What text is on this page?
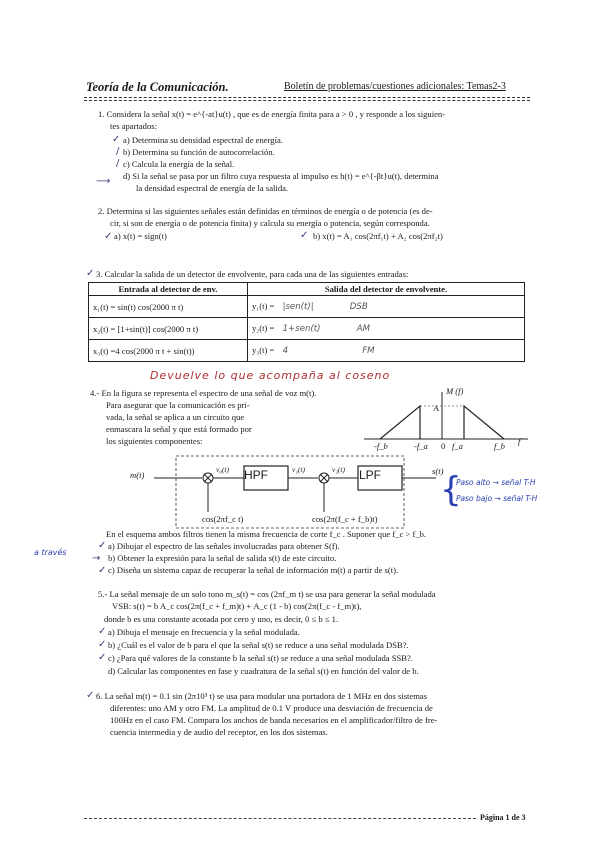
Teoría de la Comunicación.	Boletín de problemas/cuestiones adicionales: Temas2-3
1. Considera la señal x(t) = e^{-at}u(t) , que es de energía finita para a > 0 , y responde a los siguien-
tes apartados:
✓ a) Determina su densidad espectral de energía.
/ b) Determina su función de autocorrelación.
/ c) Calcula la energía de la señal.
⟶ d) Si la señal se pasa por un filtro cuya respuesta al impulso es h(t) = e^{-βt}u(t), determina
la densidad espectral de energía de la salida.
2. Determina si las siguientes señales están definidas en términos de energía o de potencia (es de-
cir, si son de energía o de potencia finita) y calcula su energía o potencia, según corresponda.
✓ a) x(t) = sign(t)	✓ b) x(t) = A₁ cos(2πf₁t) + A₂ cos(2πf₂t)
✓ 3. Calcular la salida de un detector de envolvente, para cada una de las siguientes entradas:
Entrada al detector de env.	Salida del detector de envolvente.
x₁(t) = sin(t) cos(2000 π t)	y₁(t) = |sen(t)| DSB
x₂(t) = [1+sin(t)] cos(2000 π t)	y₂(t) = 1+sen(t) AM
x₃(t) =4 cos(2000 π t + sin(t))	y₃(t) = 4 FM
Devuelve lo que acompaña al coseno
4.- En la figura se representa el espectro de una señal de voz m(t).
Para asegurar que la comunicación es pri-
vada, la señal se aplica a un circuito que
enmascara la señal y que está formado por
los siguientes componentes:
M (f)
A
-f_b	-f_a 0 f_a	f_b f
HPF	LPF
m(t)
v₀(t)	v₁(t)	v₂(t)	s(t)
cos(2πf_c t)	cos(2π(f_c + f_b)t)
{
Paso alto → señal T-H
Paso bajo → señal T-H
En el esquema ambos filtros tienen la misma frecuencia de corte f_c . Suponer que f_c > f_b.
a través
✓ a) Dibujar el espectro de las señales involucradas para obtener S(f).
→ b) Obtener la expresión para la señal de salida s(t) de este circuito.
✓ c) Diseña un sistema capaz de recuperar la señal de información m(t) a partir de s(t).
5.- La señal mensaje de un solo tono m_s(t) = cos (2πf_m t) se usa para generar la señal modulada
VSB: s(t) = b A_c cos(2π(f_c + f_m)t) + A_c (1 - b) cos(2π(f_c - f_m)t),
donde b es una constante acotada por cero y uno, es decir, 0 ≤ b ≤ 1.
✓ a) Dibuja el mensaje en frecuencia y la señal modulada.
✓ b) ¿Cuál es el valor de b para el que la señal s(t) se reduce a una señal modulada DSB?.
✓ c) ¿Para qué valores de la constante b la señal s(t) se reduce a una señal modulada SSB?.
d) Calcular las componentes en fase y cuadratura de la señal s(t) en función del valor de b.
✓ 6. La señal m(t) = 0.1 sin (2π10³ t) se usa para modular una portadora de 1 MHz en dos sistemas
diferentes: uno AM y otro FM. La amplitud de 0.1 V produce una desviación de frecuencia de
100Hz en el caso FM. Compara los anchos de banda necesarios en el amplificador/filtro de fre-
cuencia intermedia y de audio del receptor, en los dos sistemas.
Página 1 de 3
